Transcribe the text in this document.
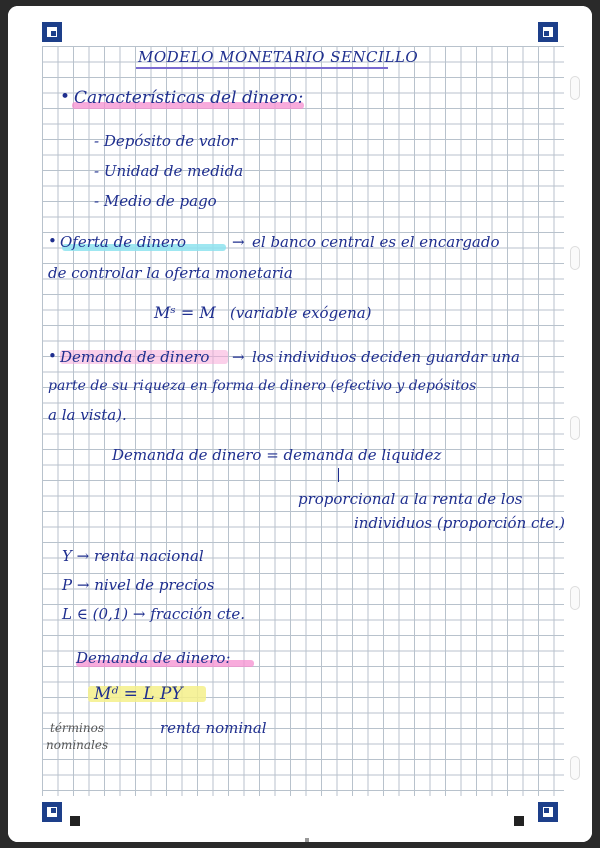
MODELO MONETARIO SENCILLO
• Características del dinero:
- Depósito de valor
- Unidad de medida
- Medio de pago
• Oferta de dinero	→ el banco central es el encargado
de controlar la oferta monetaria
Mˢ = M (variable exógena)
• Demanda de dinero → los individuos deciden guardar una
parte de su riqueza en forma de dinero (efectivo y depósitos
a la vista).
Demanda de dinero = demanda de liquidez
proporcional a la renta de los
individuos (proporción cte.)
Y → renta nacional
P → nivel de precios
L ∈ (0,1) → fracción cte.
Demanda de dinero:
Mᵈ = L PY
términos
nominales
renta nominal
